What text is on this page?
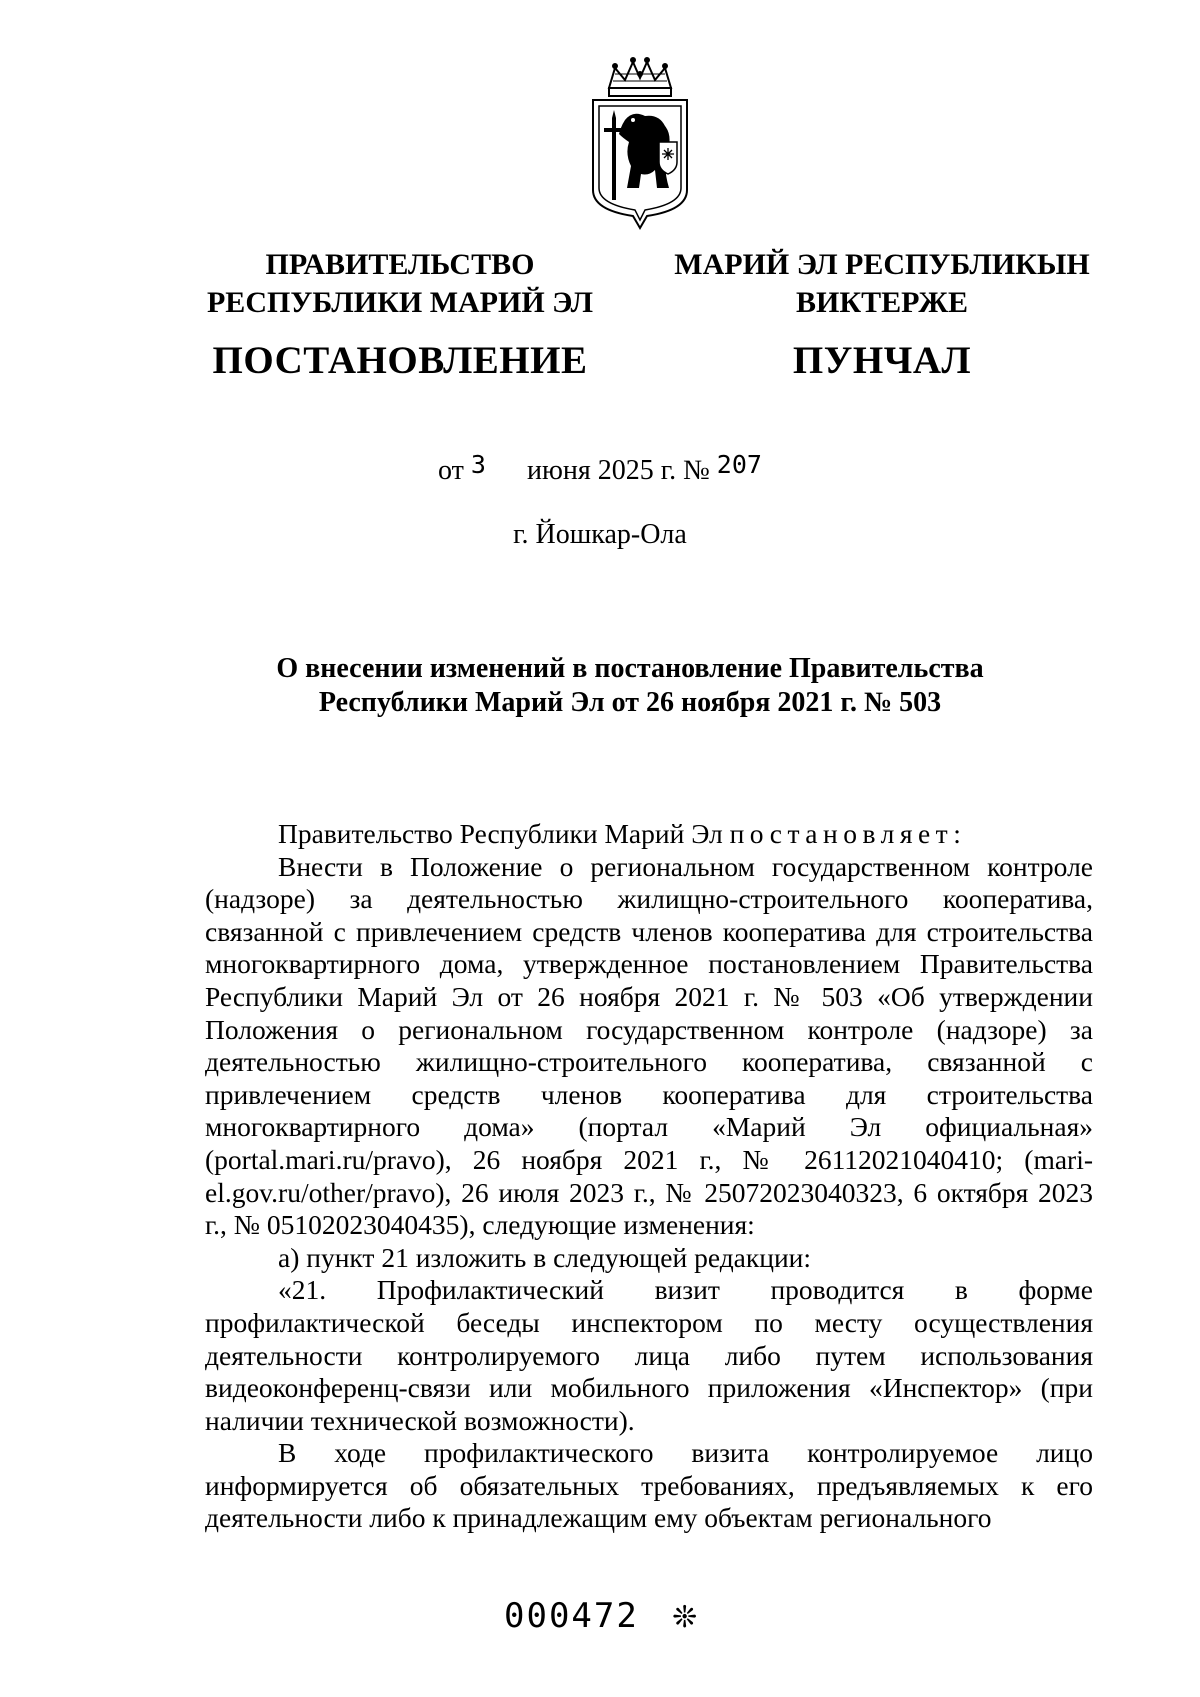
ПРАВИТЕЛЬСТВО
РЕСПУБЛИКИ МАРИЙ ЭЛ
ПОСТАНОВЛЕНИЕ
МАРИЙ ЭЛ РЕСПУБЛИКЫН
ВИКТЕРЖЕ
ПУНЧАЛ
от 3 июня 2025 г. № 207
г. Йошкар-Ола
О внесении изменений в постановление Правительства
Республики Марий Эл от 26 ноября 2021 г. № 503

Правительство Республики Марий Эл постановляет:

Внести в Положение о региональном государственном контроле (надзоре) за деятельностью жилищно-строительного кооператива, связанной с привлечением средств членов кооператива для строительства многоквартирного дома, утвержденное постановлением Правительства Республики Марий Эл от 26 ноября 2021 г. № 503 «Об утверждении Положения о региональном государственном контроле (надзоре) за деятельностью жилищно-строительного кооператива, связанной с привлечением средств членов кооператива для строительства многоквартирного дома» (портал «Марий Эл официальная» (portal.mari.ru/pravo), 26 ноября 2021 г., № 26112021040410; (mari-el.gov.ru/other/pravo), 26 июля 2023 г., № 25072023040323, 6 октября 2023 г., № 05102023040435), следующие изменения:

а) пункт 21 изложить в следующей редакции:

«21. Профилактический визит проводится в форме профилактической беседы инспектором по месту осуществления деятельности контролируемого лица либо путем использования видеоконференц-связи или мобильного приложения «Инспектор» (при наличии технической возможности).

В ходе профилактического визита контролируемое лицо информируется об обязательных требованиях, предъявляемых к его деятельности либо к принадлежащим ему объектам регионального

000472 ❊
